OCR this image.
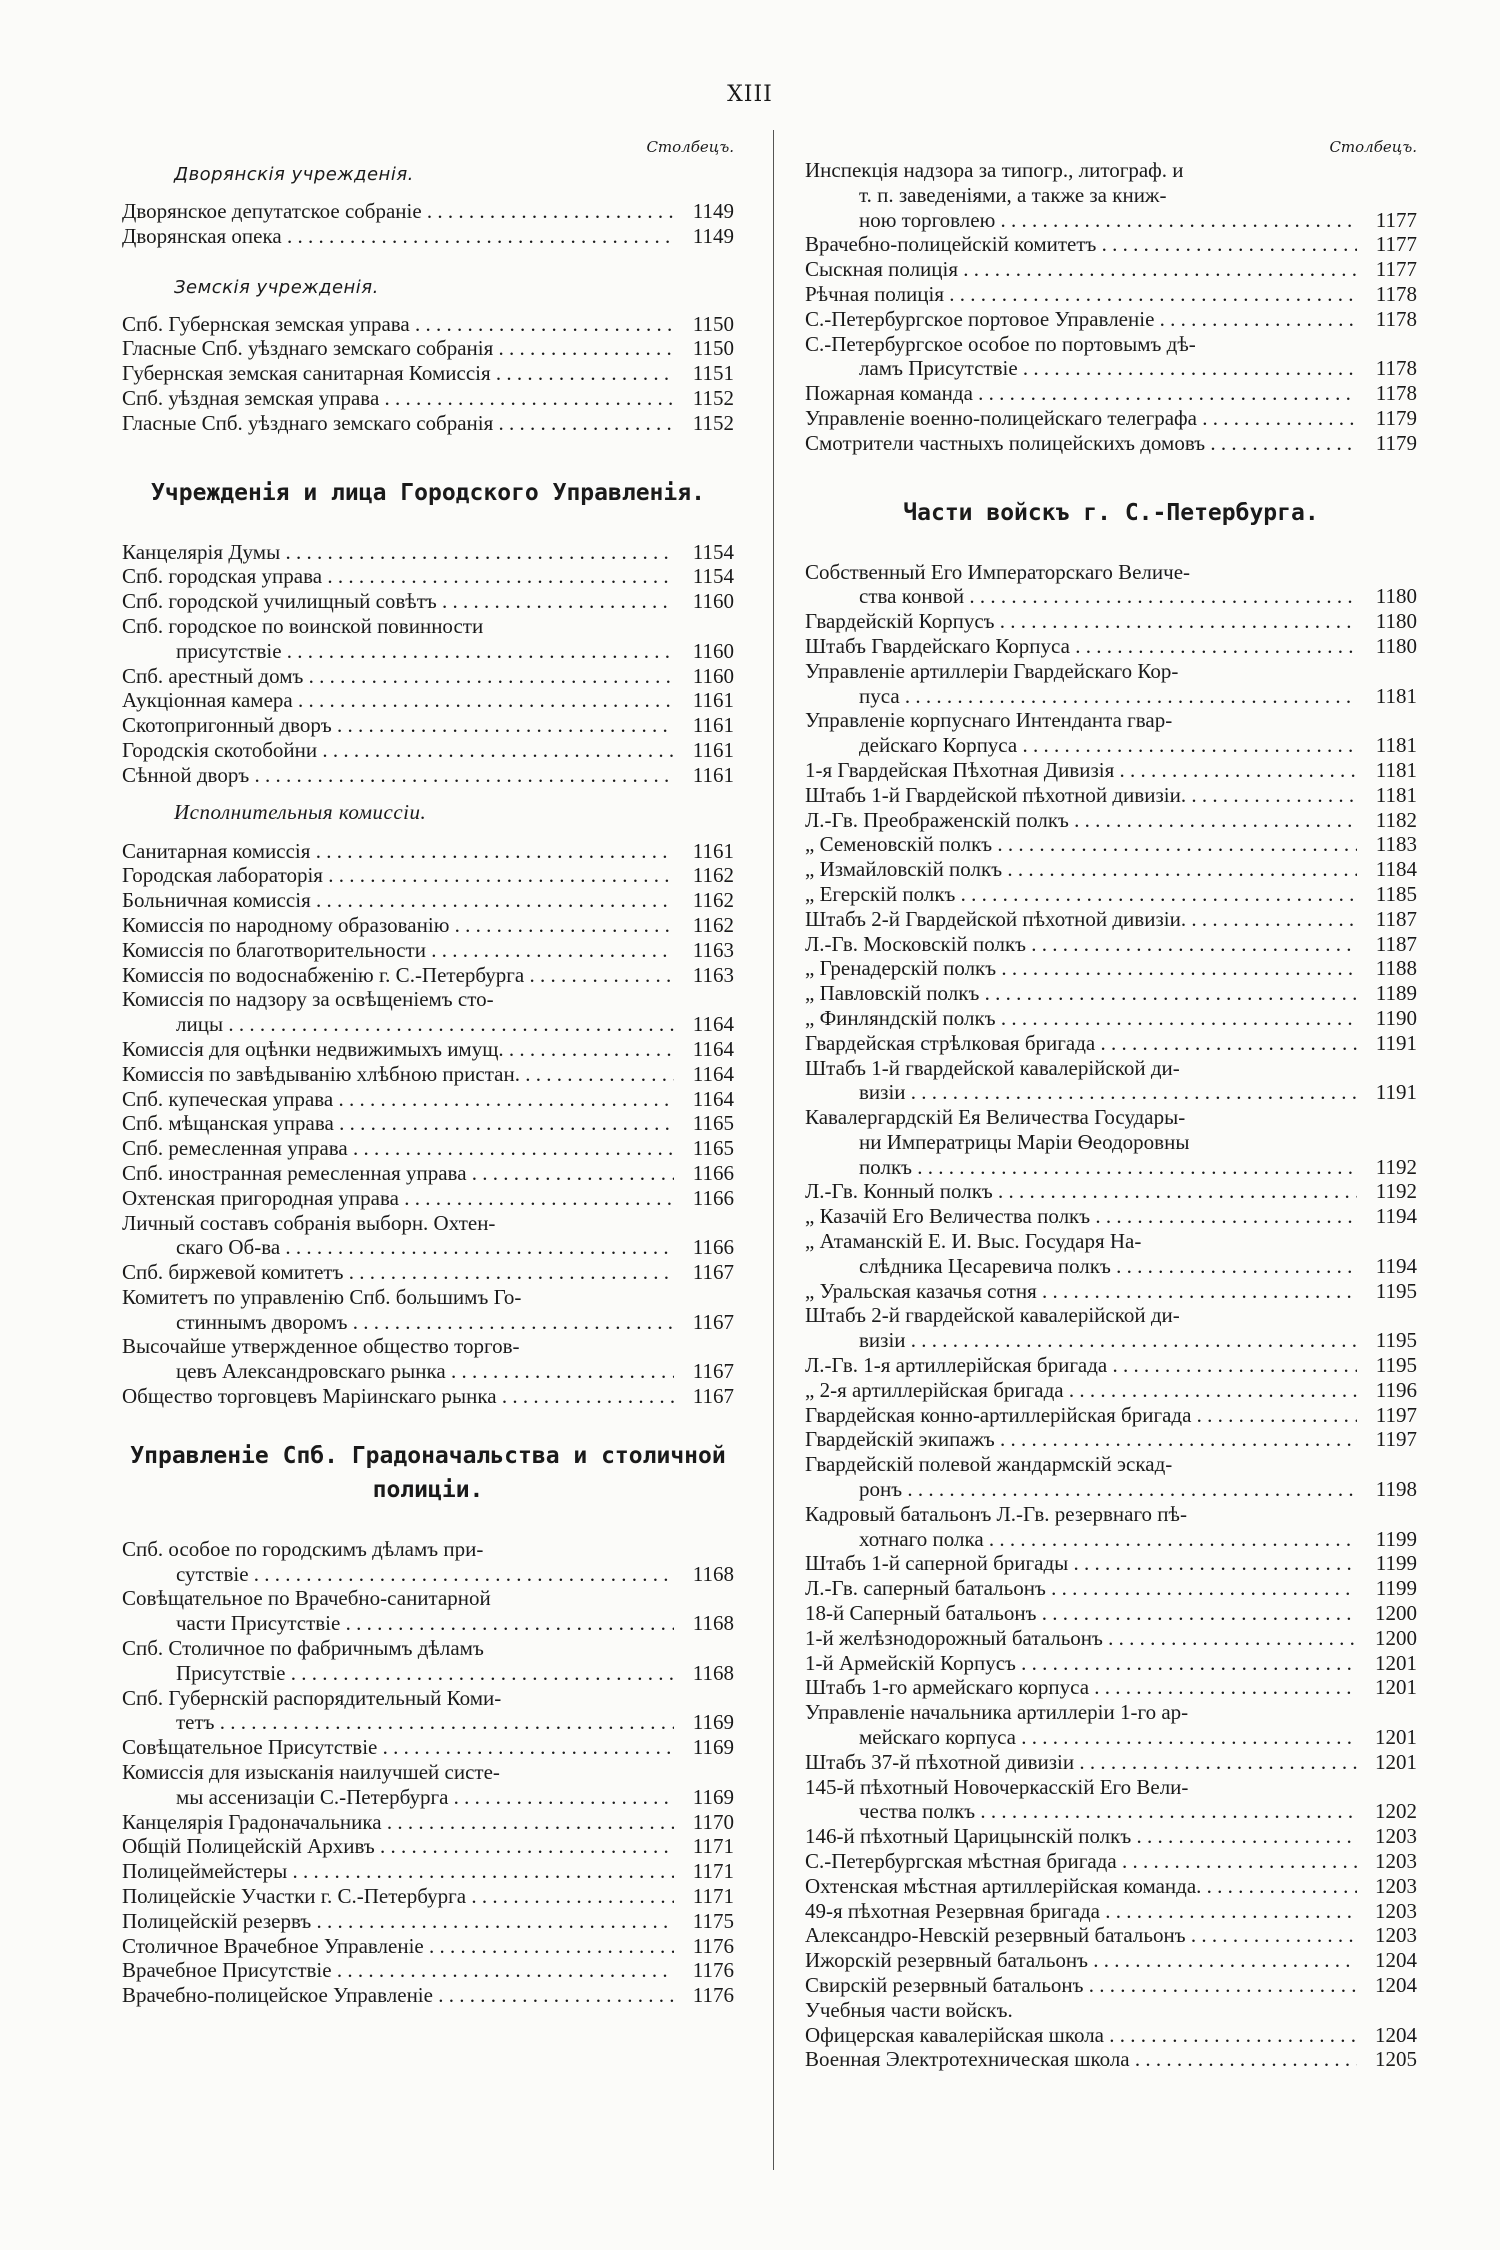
XIII
Столбецъ.
Дворянскія учрежденія.
Дворянское депутатское собраніе . . .	1149
Дворянская опека . . .	1149
Земскія учрежденія.
Спб. Губернская земская управа . . .	1150
Гласные Спб. уѣзднаго земскаго собранія . . .	1150
Губернская земская санитарная Комиссія . . .	1151
Спб. уѣздная земская управа . . .	1152
Гласные Спб. уѣзднаго земскаго собранія . . .	1152
Учрежденія и лица Городского Управленія.
Канцелярія Думы . . .	1154
Спб. городская управа . . .	1154
Спб. городской училищный совѣтъ . . .	1160
Спб. городское по воинской повинности
присутствіе . . .	1160
Спб. арестный домъ . . .	1160
Аукціонная камера . . .	1161
Скотопригонный дворъ . . .	1161
Городскія скотобойни . . .	1161
Сѣнной дворъ . . .	1161
Исполнительныя комиссіи.
Санитарная комиссія . . .	1161
Городская лабораторія . . .	1162
Больничная комиссія . . .	1162
Комиссія по народному образованію . . .	1162
Комиссія по благотворительности . . .	1163
Комиссія по водоснабженію г. С.-Петербурга . . .	1163
Комиссія по надзору за освѣщеніемъ сто-
лицы . . .	1164
Комиссія для оцѣнки недвижимыхъ имущ. . . .	1164
Комиссія по завѣдыванію хлѣбною пристан. . . .	1164
Спб. купеческая управа . . .	1164
Спб. мѣщанская управа . . .	1165
Спб. ремесленная управа . . .	1165
Спб. иностранная ремесленная управа . . .	1166
Охтенская пригородная управа . . .	1166
Личный составъ собранія выборн. Охтен-
скаго Об-ва . . .	1166
Спб. биржевой комитетъ . . .	1167
Комитетъ по управленію Спб. большимъ Го-
стиннымъ дворомъ . . .	1167
Высочайше утвержденное общество торгов-
цевъ Александровскаго рынка . . .	1167
Общество торговцевъ Маріинскаго рынка . . .	1167
Управленіе Спб. Градоначальства и столичной полиціи.
Спб. особое по городскимъ дѣламъ при-
сутствіе . . .	1168
Совѣщательное по Врачебно-санитарной
части Присутствіе . . .	1168
Спб. Столичное по фабричнымъ дѣламъ
Присутствіе . . .	1168
Спб. Губернскій распорядительный Коми-
тетъ . . .	1169
Совѣщательное Присутствіе . . .	1169
Комиссія для изысканія наилучшей систе-
мы ассенизаціи С.-Петербурга . . .	1169
Канцелярія Градоначальника . . .	1170
Общій Полицейскій Архивъ . . .	1171
Полицеймейстеры . . .	1171
Полицейскіе Участки г. С.-Петербурга . . .	1171
Полицейскій резервъ . . .	1175
Столичное Врачебное Управленіе . . .	1176
Врачебное Присутствіе . . .	1176
Врачебно-полицейское Управленіе . . .	1176
Столбецъ.
Инспекція надзора за типогр., литограф. и
т. п. заведеніями, а также за книж-
ною торговлею . . .	1177
Врачебно-полицейскій комитетъ . . .	1177
Сыскная полиція . . .	1177
Рѣчная полиція . . .	1178
С.-Петербургское портовое Управленіе . . .	1178
С.-Петербургское особое по портовымъ дѣ-
ламъ Присутствіе . . .	1178
Пожарная команда . . .	1178
Управленіе военно-полицейскаго телеграфа . . .	1179
Смотрители частныхъ полицейскихъ домовъ . . .	1179
Части войскъ г. С.-Петербурга.
Собственный Его Императорскаго Величе-
ства конвой . . .	1180
Гвардейскій Корпусъ . . .	1180
Штабъ Гвардейскаго Корпуса . . .	1180
Управленіе артиллеріи Гвардейскаго Кор-
пуса . . .	1181
Управленіе корпуснаго Интенданта гвар-
дейскаго Корпуса . . .	1181
1-я Гвардейская Пѣхотная Дивизія . . .	1181
Штабъ 1-й Гвардейской пѣхотной дивизіи. . . .	1181
Л.-Гв. Преображенскій полкъ . . .	1182
„ Семеновскій полкъ . . .	1183
„ Измайловскій полкъ . . .	1184
„ Егерскій полкъ . . .	1185
Штабъ 2-й Гвардейской пѣхотной дивизіи. . . .	1187
Л.-Гв. Московскій полкъ . . .	1187
„ Гренадерскій полкъ . . .	1188
„ Павловскій полкъ . . .	1189
„ Финляндскій полкъ . . .	1190
Гвардейская стрѣлковая бригада . . .	1191
Штабъ 1-й гвардейской кавалерійской ди-
визіи . . .	1191
Кавалергардскій Ея Величества Государы-
ни Императрицы Маріи Ѳеодоровны
полкъ . . .	1192
Л.-Гв. Конный полкъ . . .	1192
„ Казачій Его Величества полкъ . . .	1194
„ Атаманскій Е. И. Выс. Государя На-
слѣдника Цесаревича полкъ . . .	1194
„ Уральская казачья сотня . . .	1195
Штабъ 2-й гвардейской кавалерійской ди-
визіи . . .	1195
Л.-Гв. 1-я артиллерійская бригада . . .	1195
„ 2-я артиллерійская бригада . . .	1196
Гвардейская конно-артиллерійская бригада . . .	1197
Гвардейскій экипажъ . . .	1197
Гвардейскій полевой жандармскій эскад-
ронъ . . .	1198
Кадровый батальонъ Л.-Гв. резервнаго пѣ-
хотнаго полка . . .	1199
Штабъ 1-й саперной бригады . . .	1199
Л.-Гв. саперный батальонъ . . .	1199
18-й Саперный батальонъ . . .	1200
1-й желѣзнодорожный батальонъ . . .	1200
1-й Армейскій Корпусъ . . .	1201
Штабъ 1-го армейскаго корпуса . . .	1201
Управленіе начальника артиллеріи 1-го ар-
мейскаго корпуса . . .	1201
Штабъ 37-й пѣхотной дивизіи . . .	1201
145-й пѣхотный Новочеркасскій Его Вели-
чества полкъ . . .	1202
146-й пѣхотный Царицынскій полкъ . . .	1203
С.-Петербургская мѣстная бригада . . .	1203
Охтенская мѣстная артиллерійская команда. . . .	1203
49-я пѣхотная Резервная бригада . . .	1203
Александро-Невскій резервный батальонъ . . .	1203
Ижорскій резервный батальонъ . . .	1204
Свирскій резервный батальонъ . . .	1204
Учебныя части войскъ.
Офицерская кавалерійская школа . . .	1204
Военная Электротехническая школа . . .	1205
